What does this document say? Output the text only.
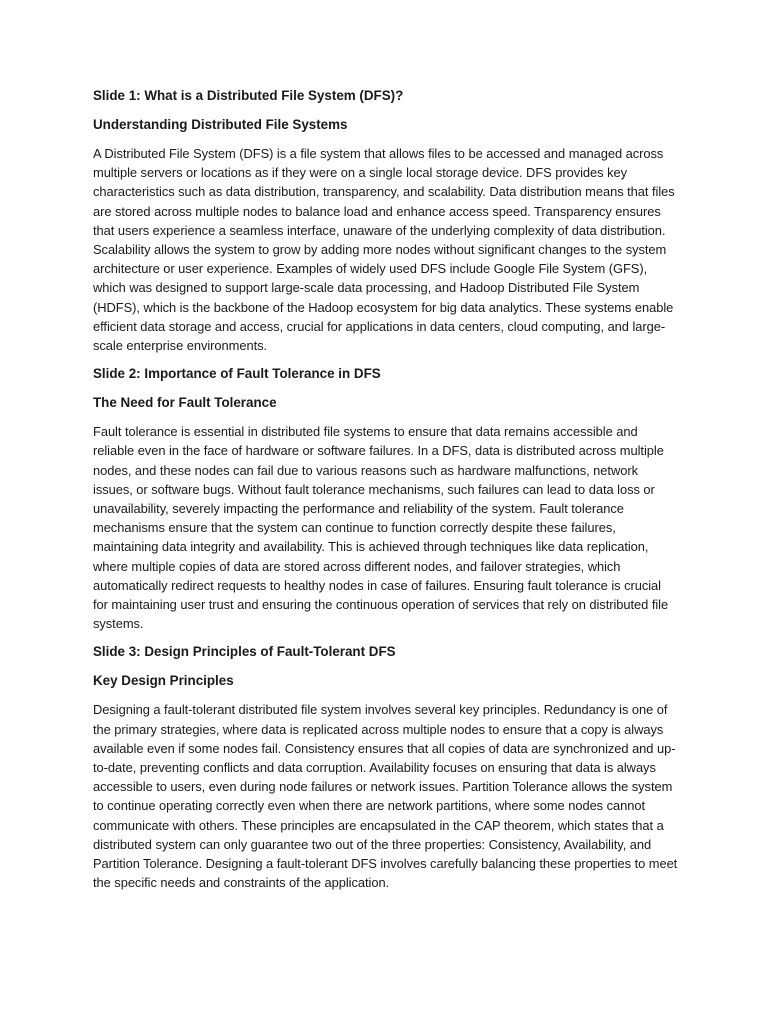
Slide 1: What is a Distributed File System (DFS)?
Understanding Distributed File Systems

A Distributed File System (DFS) is a file system that allows files to be accessed and managed across multiple servers or locations as if they were on a single local storage device. DFS provides key characteristics such as data distribution, transparency, and scalability. Data distribution means that files are stored across multiple nodes to balance load and enhance access speed. Transparency ensures that users experience a seamless interface, unaware of the underlying complexity of data distribution. Scalability allows the system to grow by adding more nodes without significant changes to the system architecture or user experience. Examples of widely used DFS include Google File System (GFS), which was designed to support large-scale data processing, and Hadoop Distributed File System (HDFS), which is the backbone of the Hadoop ecosystem for big data analytics. These systems enable efficient data storage and access, crucial for applications in data centers, cloud computing, and large-scale enterprise environments.

Slide 2: Importance of Fault Tolerance in DFS
The Need for Fault Tolerance

Fault tolerance is essential in distributed file systems to ensure that data remains accessible and reliable even in the face of hardware or software failures. In a DFS, data is distributed across multiple nodes, and these nodes can fail due to various reasons such as hardware malfunctions, network issues, or software bugs. Without fault tolerance mechanisms, such failures can lead to data loss or unavailability, severely impacting the performance and reliability of the system. Fault tolerance mechanisms ensure that the system can continue to function correctly despite these failures, maintaining data integrity and availability. This is achieved through techniques like data replication, where multiple copies of data are stored across different nodes, and failover strategies, which automatically redirect requests to healthy nodes in case of failures. Ensuring fault tolerance is crucial for maintaining user trust and ensuring the continuous operation of services that rely on distributed file systems.

Slide 3: Design Principles of Fault-Tolerant DFS
Key Design Principles

Designing a fault-tolerant distributed file system involves several key principles. Redundancy is one of the primary strategies, where data is replicated across multiple nodes to ensure that a copy is always available even if some nodes fail. Consistency ensures that all copies of data are synchronized and up-to-date, preventing conflicts and data corruption. Availability focuses on ensuring that data is always accessible to users, even during node failures or network issues. Partition Tolerance allows the system to continue operating correctly even when there are network partitions, where some nodes cannot communicate with others. These principles are encapsulated in the CAP theorem, which states that a distributed system can only guarantee two out of the three properties: Consistency, Availability, and Partition Tolerance. Designing a fault-tolerant DFS involves carefully balancing these properties to meet the specific needs and constraints of the application.
